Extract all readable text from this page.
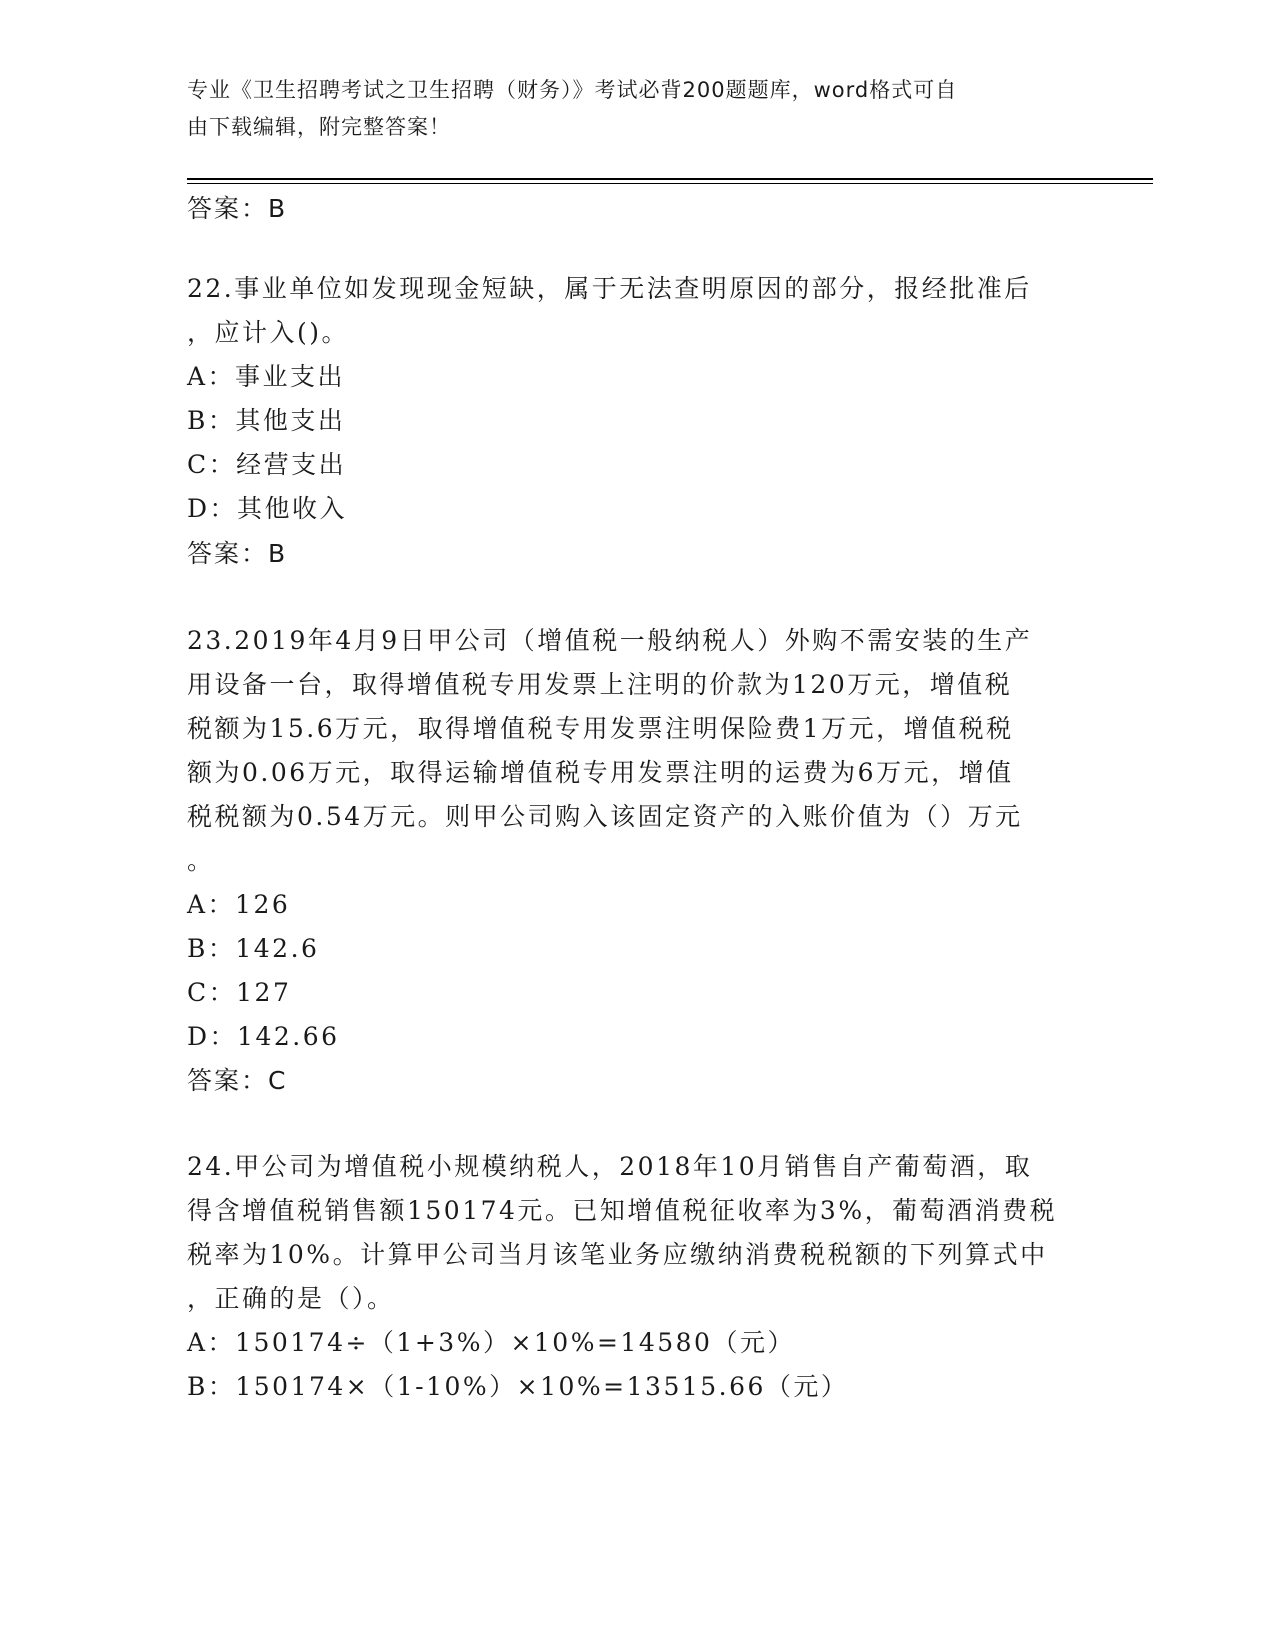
专业《卫生招聘考试之卫生招聘（财务）》考试必背200题题库，word格式可自
由下载编辑，附完整答案！
答案：B
22.事业单位如发现现金短缺，属于无法查明原因的部分，报经批准后
，应计入()。
A：事业支出
B：其他支出
C：经营支出
D：其他收入
答案：B
23.2019年4月9日甲公司（增值税一般纳税人）外购不需安装的生产
用设备一台，取得增值税专用发票上注明的价款为120万元，增值税
税额为15.6万元，取得增值税专用发票注明保险费1万元，增值税税
额为0.06万元，取得运输增值税专用发票注明的运费为6万元，增值
税税额为0.54万元。则甲公司购入该固定资产的入账价值为（）万元
。
A：126
B：142.6
C：127
D：142.66
答案：C
24.甲公司为增值税小规模纳税人，2018年10月销售自产葡萄酒，取
得含增值税销售额150174元。已知增值税征收率为3%，葡萄酒消费税
税率为10%。计算甲公司当月该笔业务应缴纳消费税税额的下列算式中
，正确的是（）。
A：150174÷（1+3%）×10%=14580（元）
B：150174×（1-10%）×10%=13515.66（元）
